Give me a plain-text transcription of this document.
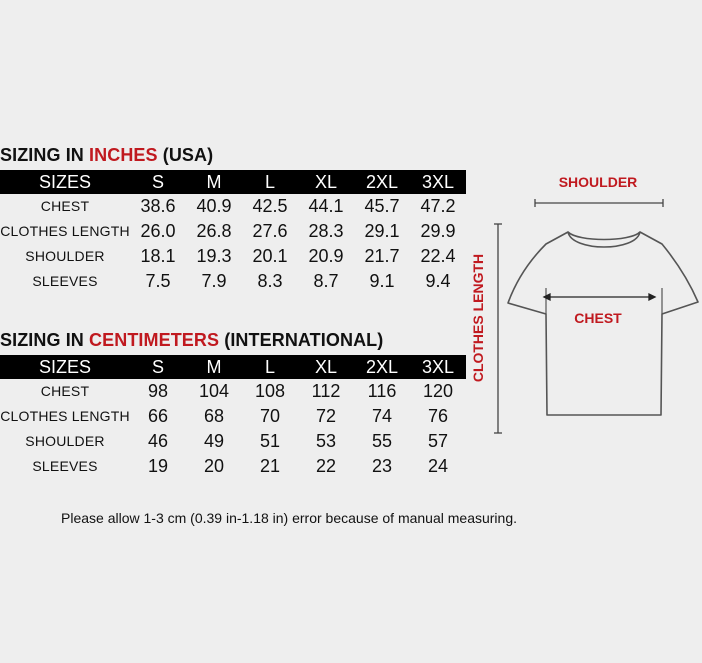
SIZING IN INCHES (USA)
SIZES	S	M	L	XL	2XL	3XL
CHEST	38.6	40.9	42.5	44.1	45.7	47.2
CLOTHES LENGTH	26.0	26.8	27.6	28.3	29.1	29.9
SHOULDER	18.1	19.3	20.1	20.9	21.7	22.4
SLEEVES	7.5	7.9	8.3	8.7	9.1	9.4
SIZING IN CENTIMETERS (INTERNATIONAL)
SIZES	S	M	L	XL	2XL	3XL
CHEST	98	104	108	112	116	120
CLOTHES LENGTH	66	68	70	72	74	76
SHOULDER	46	49	51	53	55	57
SLEEVES	19	20	21	22	23	24
SHOULDER
CLOTHES LENGTH	CHEST
Please allow 1-3 cm (0.39 in-1.18 in) error because of manual measuring.
